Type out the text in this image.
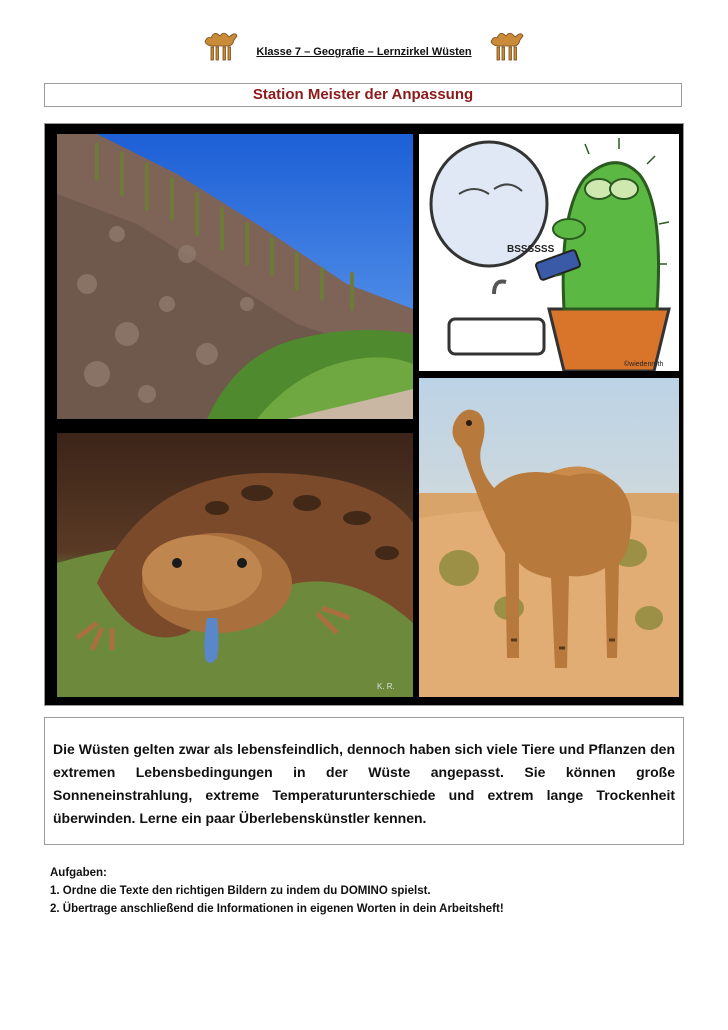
Klasse 7 – Geografie – Lernzirkel Wüsten
Station Meister der Anpassung
BSSSSSS
©wiedenroth
K. R.

Die Wüsten gelten zwar als lebensfeindlich, dennoch haben sich viele Tiere und Pflanzen den extremen Lebensbedingungen in der Wüste angepasst. Sie können große Sonneneinstrahlung, extreme Temperaturunterschiede und extrem lange Trockenheit überwinden. Lerne ein paar Überlebenskünstler kennen.

Aufgaben:
1. Ordne die Texte den richtigen Bildern zu indem du DOMINO spielst.
2. Übertrage anschließend die Informationen in eigenen Worten in dein Arbeitsheft!
